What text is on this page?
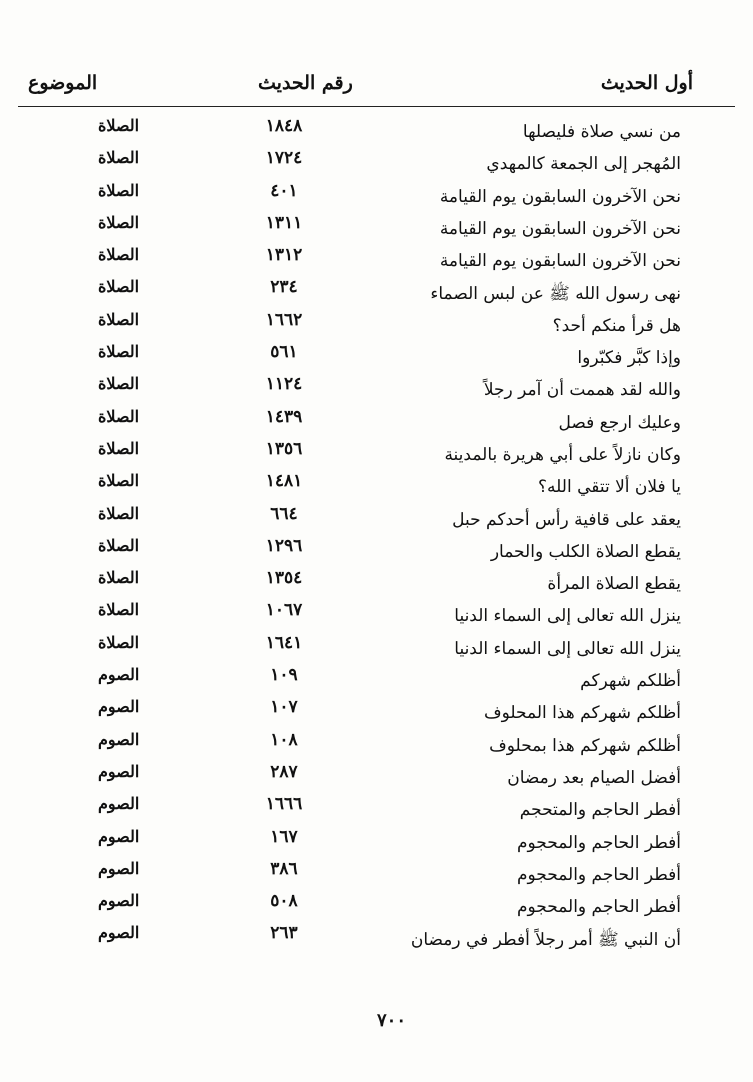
أول الحديث
رقم الحديث
الموضوع
من نسي صلاة فليصلها
١٨٤٨
الصلاة
المُهجر إلى الجمعة كالمهدي
١٧٢٤
الصلاة
نحن الآخرون السابقون يوم القيامة
٤٠١
الصلاة
نحن الآخرون السابقون يوم القيامة
١٣١١
الصلاة
نحن الآخرون السابقون يوم القيامة
١٣١٢
الصلاة
نهى رسول الله ﷺ عن لبس الصماء
٢٣٤
الصلاة
هل قرأ منكم أحد؟
١٦٦٢
الصلاة
وإذا كبَّر فكبّروا
٥٦١
الصلاة
والله لقد هممت أن آمر رجلاً
١١٢٤
الصلاة
وعليك ارجع فصل
١٤٣٩
الصلاة
وكان نازلاً على أبي هريرة بالمدينة
١٣٥٦
الصلاة
يا فلان ألا تتقي الله؟
١٤٨١
الصلاة
يعقد على قافية رأس أحدكم حبل
٦٦٤
الصلاة
يقطع الصلاة الكلب والحمار
١٢٩٦
الصلاة
يقطع الصلاة المرأة
١٣٥٤
الصلاة
ينزل الله تعالى إلى السماء الدنيا
١٠٦٧
الصلاة
ينزل الله تعالى إلى السماء الدنيا
١٦٤١
الصلاة
أظلكم شهركم
١٠٩
الصوم
أظلكم شهركم هذا المحلوف
١٠٧
الصوم
أظلكم شهركم هذا بمحلوف
١٠٨
الصوم
أفضل الصيام بعد رمضان
٢٨٧
الصوم
أفطر الحاجم والمتحجم
١٦٦٦
الصوم
أفطر الحاجم والمحجوم
١٦٧
الصوم
أفطر الحاجم والمحجوم
٣٨٦
الصوم
أفطر الحاجم والمحجوم
٥٠٨
الصوم
أن النبي ﷺ أمر رجلاً أفطر في رمضان
٢٦٣
الصوم
٧٠٠
